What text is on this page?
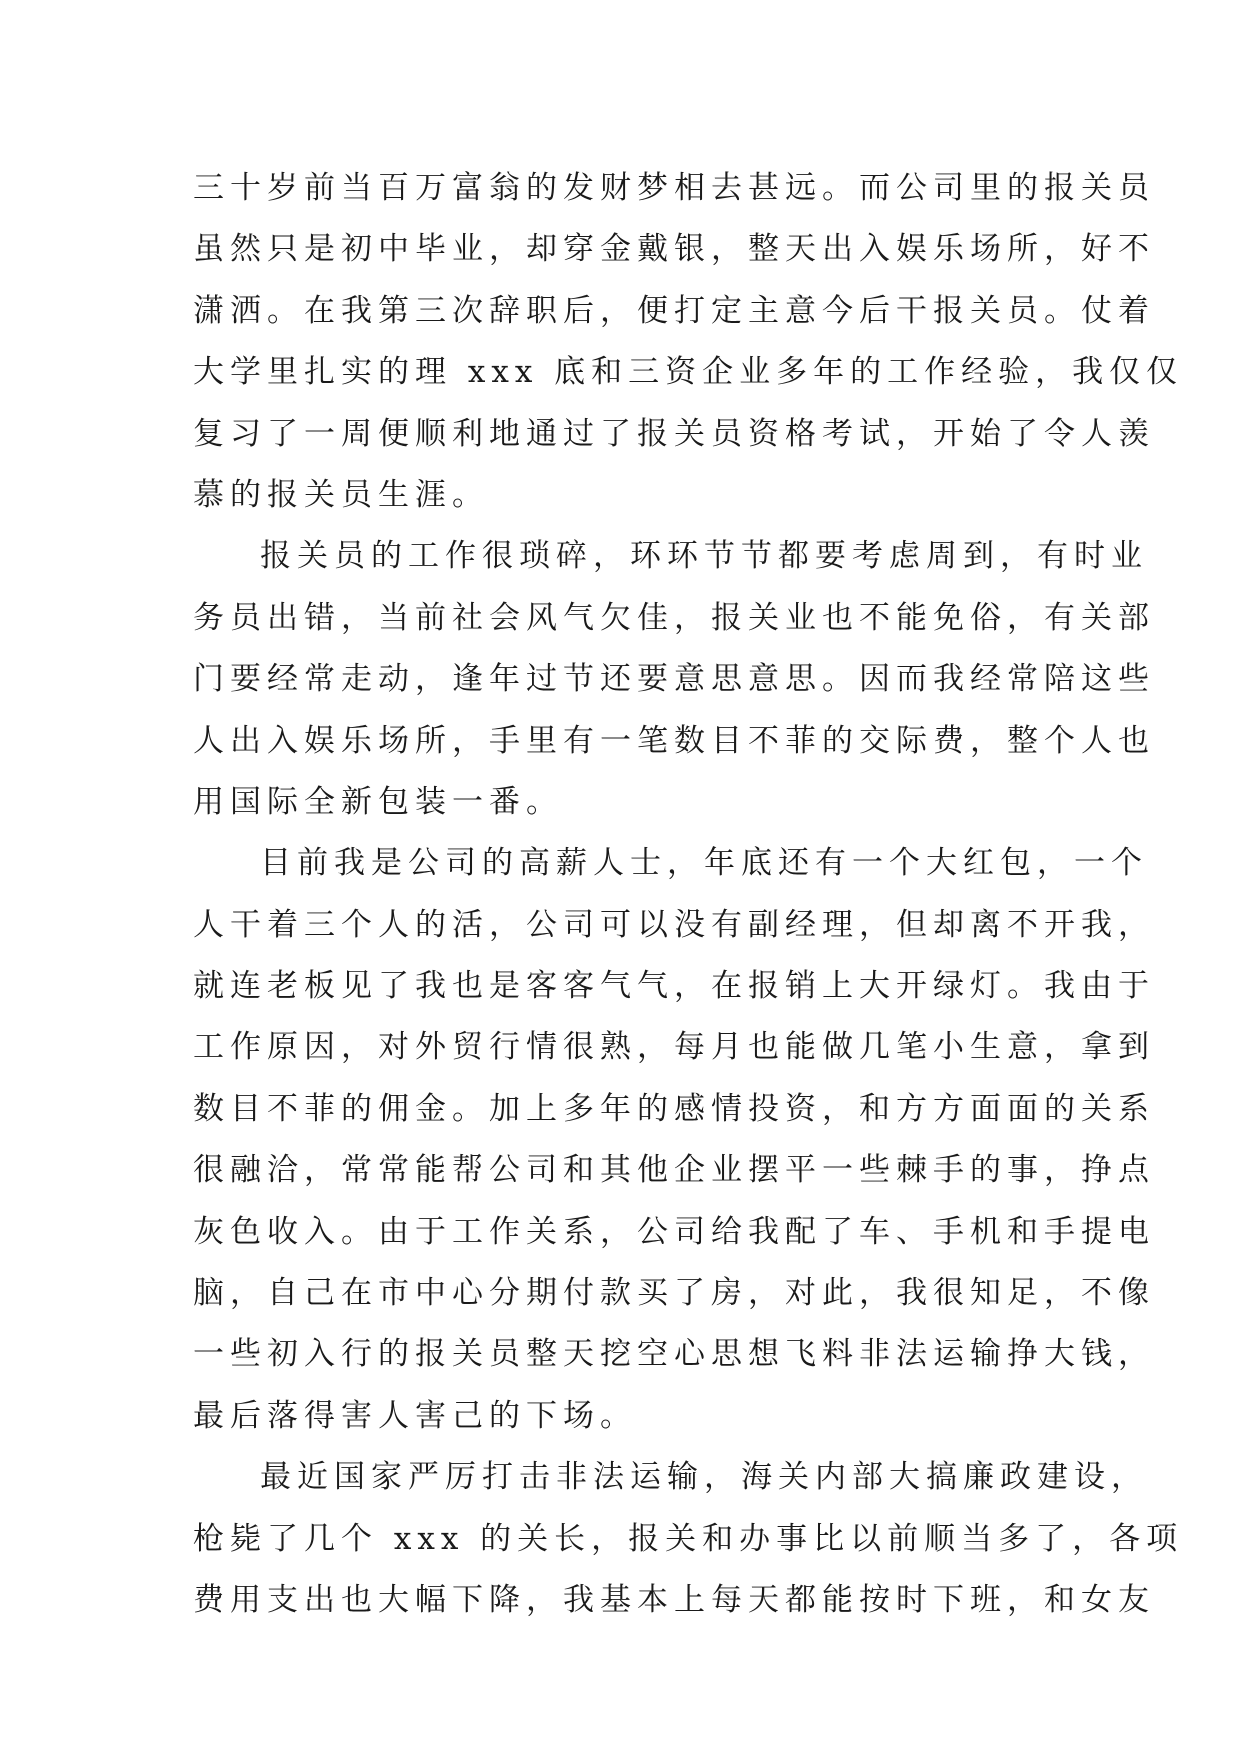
三十岁前当百万富翁的发财梦相去甚远。而公司里的报关员
虽然只是初中毕业，却穿金戴银，整天出入娱乐场所，好不
潇洒。在我第三次辞职后，便打定主意今后干报关员。仗着
大学里扎实的理 xxx 底和三资企业多年的工作经验，我仅仅
复习了一周便顺利地通过了报关员资格考试，开始了令人羡
慕的报关员生涯。
报关员的工作很琐碎，环环节节都要考虑周到，有时业
务员出错，当前社会风气欠佳，报关业也不能免俗，有关部
门要经常走动，逢年过节还要意思意思。因而我经常陪这些
人出入娱乐场所，手里有一笔数目不菲的交际费，整个人也
用国际全新包装一番。
目前我是公司的高薪人士，年底还有一个大红包，一个
人干着三个人的活，公司可以没有副经理，但却离不开我，
就连老板见了我也是客客气气，在报销上大开绿灯。我由于
工作原因，对外贸行情很熟，每月也能做几笔小生意，拿到
数目不菲的佣金。加上多年的感情投资，和方方面面的关系
很融洽，常常能帮公司和其他企业摆平一些棘手的事，挣点
灰色收入。由于工作关系，公司给我配了车、手机和手提电
脑，自己在市中心分期付款买了房，对此，我很知足，不像
一些初入行的报关员整天挖空心思想飞料非法运输挣大钱，
最后落得害人害己的下场。
最近国家严厉打击非法运输，海关内部大搞廉政建设，
枪毙了几个 xxx 的关长，报关和办事比以前顺当多了，各项
费用支出也大幅下降，我基本上每天都能按时下班，和女友
